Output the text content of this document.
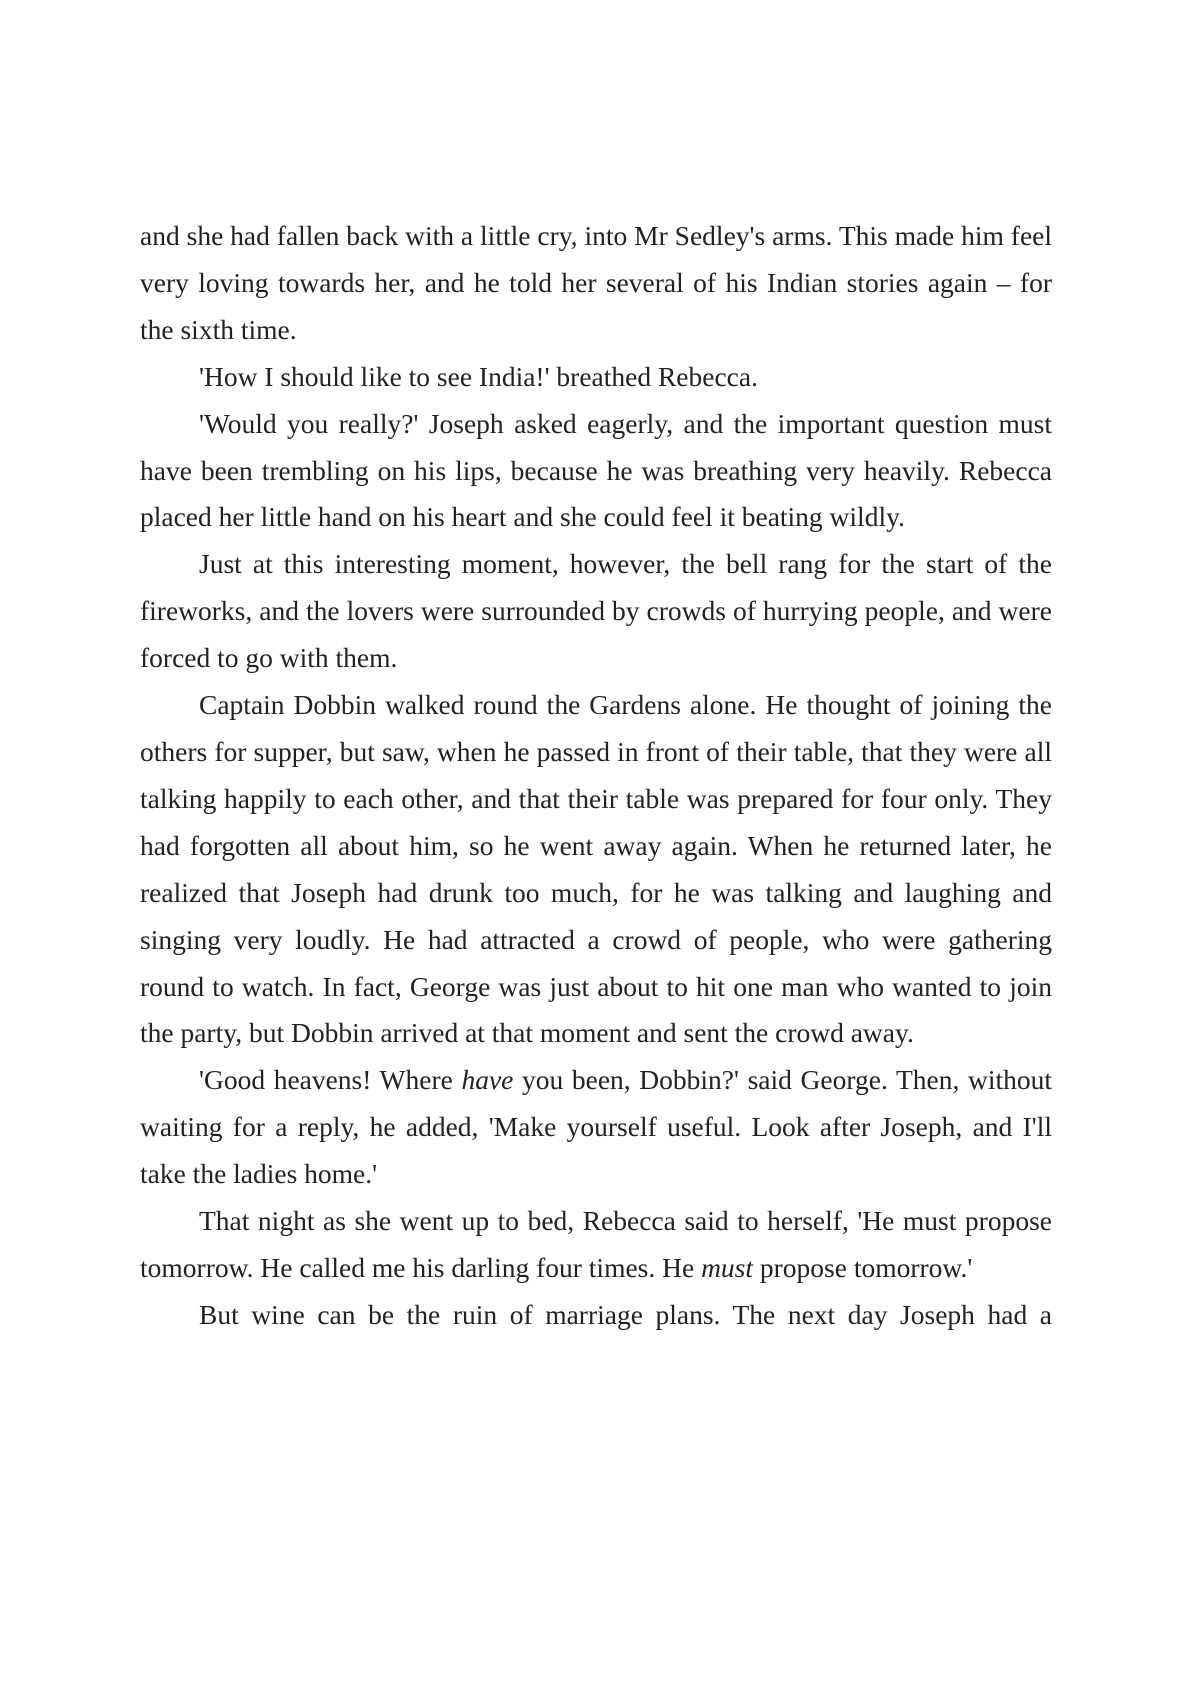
and she had fallen back with a little cry, into Mr Sedley's arms. This made him feel very loving towards her, and he told her several of his Indian stories again – for the sixth time.

'How I should like to see India!' breathed Rebecca.

'Would you really?' Joseph asked eagerly, and the important question must have been trembling on his lips, because he was breathing very heavily. Rebecca placed her little hand on his heart and she could feel it beating wildly.

Just at this interesting moment, however, the bell rang for the start of the fireworks, and the lovers were surrounded by crowds of hurrying people, and were forced to go with them.

Captain Dobbin walked round the Gardens alone. He thought of joining the others for supper, but saw, when he passed in front of their table, that they were all talking happily to each other, and that their table was prepared for four only. They had forgotten all about him, so he went away again. When he returned later, he realized that Joseph had drunk too much, for he was talking and laughing and singing very loudly. He had attracted a crowd of people, who were gathering round to watch. In fact, George was just about to hit one man who wanted to join the party, but Dobbin arrived at that moment and sent the crowd away.

'Good heavens! Where have you been, Dobbin?' said George. Then, without waiting for a reply, he added, 'Make yourself useful. Look after Joseph, and I'll take the ladies home.'

That night as she went up to bed, Rebecca said to herself, 'He must propose tomorrow. He called me his darling four times. He must propose tomorrow.'

But wine can be the ruin of marriage plans. The next day Joseph had a
